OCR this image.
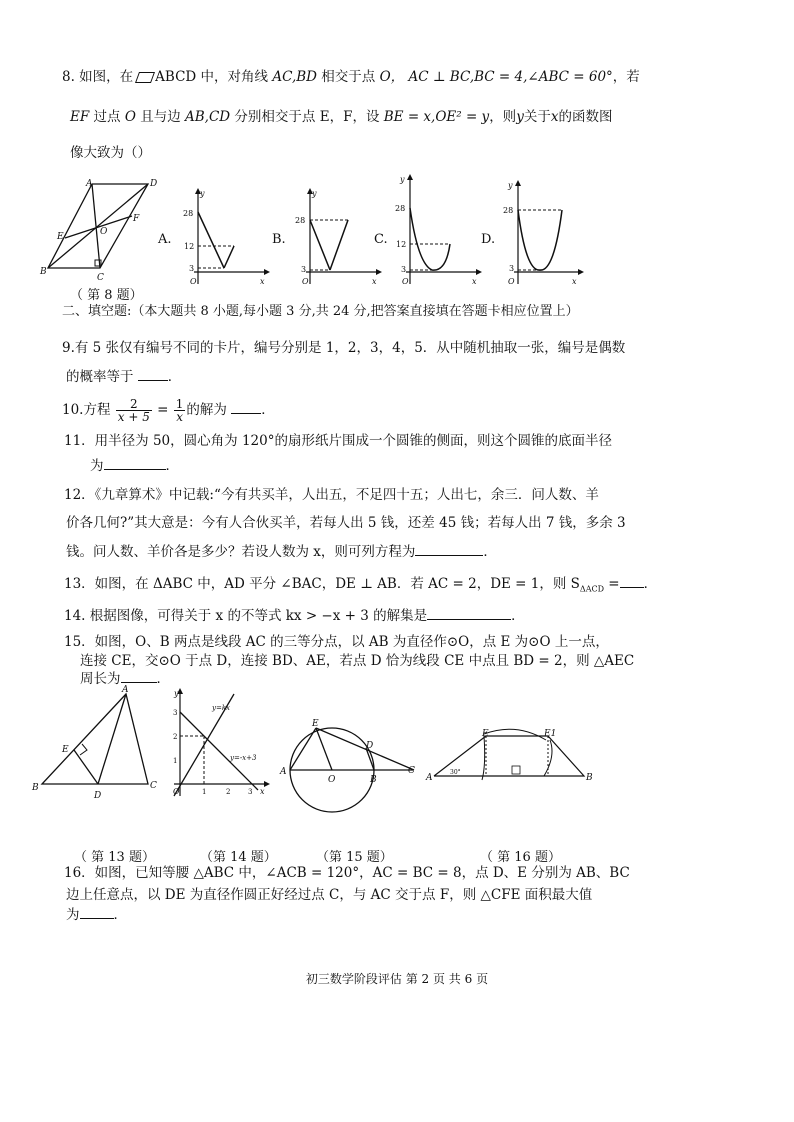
8. 如图，在 ABCD 中，对角线 AC,BD 相交于点 O， AC ⊥ BC,BC = 4,∠ABC = 60°，若
EF 过点 O 且与边 AB,CD 分别相交于点 E，F，设 BE = x,OE² = y，则y关于x的函数图
像大致为（）
A	D
B
C
E
F
O	A.
y
x
O
28
12
3
B.
y
x
O
28
3
C.
y
x
O
28
12
3
D.
y
x
O
28
3
（ 第 8 题）
二、填空题:（本大题共 8 小题,每小题 3 分,共 24 分,把答案直接填在答题卡相应位置上）
9.有 5 张仅有编号不同的卡片，编号分别是 1，2，3，4，5．从中随机抽取一张，编号是偶数
的概率等于	．
10.方程 $\frac{2}{x + 5} = \frac{1}{x}$ 的解为	．
11．用半径为 50，圆心角为 120°的扇形纸片围成一个圆锥的侧面，则这个圆锥的底面半径
为	．
12．《九章算术》中记载:“今有共买羊，人出五，不足四十五；人出七，余三．问人数、羊
价各几何?”其大意是：今有人合伙买羊，若每人出 5 钱，还差 45 钱；若每人出 7 钱，多余 3
钱。问人数、羊价各是多少？若设人数为 x，则可列方程为	．
13．如图，在 ΔABC 中，AD 平分 ∠BAC，DE ⊥ AB．若 AC = 2，DE = 1，则 $S_{\Delta ACD}$ = ．
14. 根据图像，可得关于 x 的不等式 kx > −x + 3 的解集是	．
15．如图，O、B 两点是线段 AC 的三等分点，以 AB 为直径作⊙O，点 E 为⊙O 上一点，
连接 CE，交⊙O 于点 D，连接 BD、AE，若点 D 恰为线段 CE 中点且 BD = 2，则 △AEC
周长为	．
A
B	C
D
E
y
x
O
y=kx
y=-x+3
3
2
1
1	2	3
A
O	B
C
D
E
A	B
E	E1
30°
（ 第 13 题）	（第 14 题）	（第 15 题）	（ 第 16 题）
16．如图，已知等腰 △ABC 中，∠ACB = 120°，AC = BC = 8，点 D、E 分别为 AB、BC
边上任意点，以 DE 为直径作圆正好经过点 C，与 AC 交于点 F，则 △CFE 面积最大值
为	．
初三数学阶段评估 第 2 页 共 6 页
